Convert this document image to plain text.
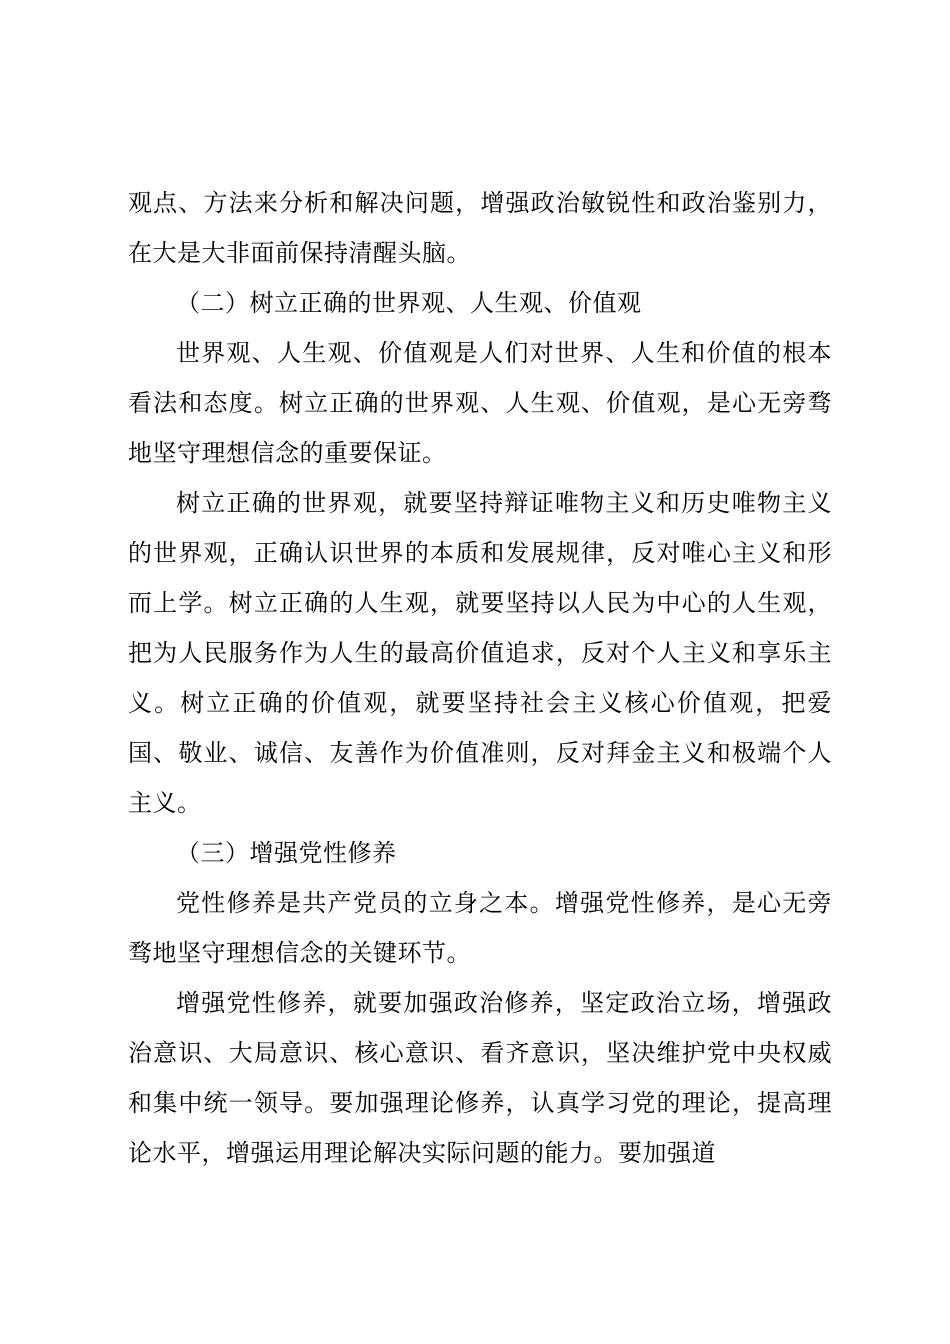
观点、方法来分析和解决问题，增强政治敏锐性和政治鉴别力，在大是大非面前保持清醒头脑。

（二）树立正确的世界观、人生观、价值观

世界观、人生观、价值观是人们对世界、人生和价值的根本看法和态度。树立正确的世界观、人生观、价值观，是心无旁骛地坚守理想信念的重要保证。

树立正确的世界观，就要坚持辩证唯物主义和历史唯物主义的世界观，正确认识世界的本质和发展规律，反对唯心主义和形而上学。树立正确的人生观，就要坚持以人民为中心的人生观，把为人民服务作为人生的最高价值追求，反对个人主义和享乐主义。树立正确的价值观，就要坚持社会主义核心价值观，把爱国、敬业、诚信、友善作为价值准则，反对拜金主义和极端个人主义。

（三）增强党性修养

党性修养是共产党员的立身之本。增强党性修养，是心无旁骛地坚守理想信念的关键环节。

增强党性修养，就要加强政治修养，坚定政治立场，增强政治意识、大局意识、核心意识、看齐意识，坚决维护党中央权威和集中统一领导。要加强理论修养，认真学习党的理论，提高理论水平，增强运用理论解决实际问题的能力。要加强道
